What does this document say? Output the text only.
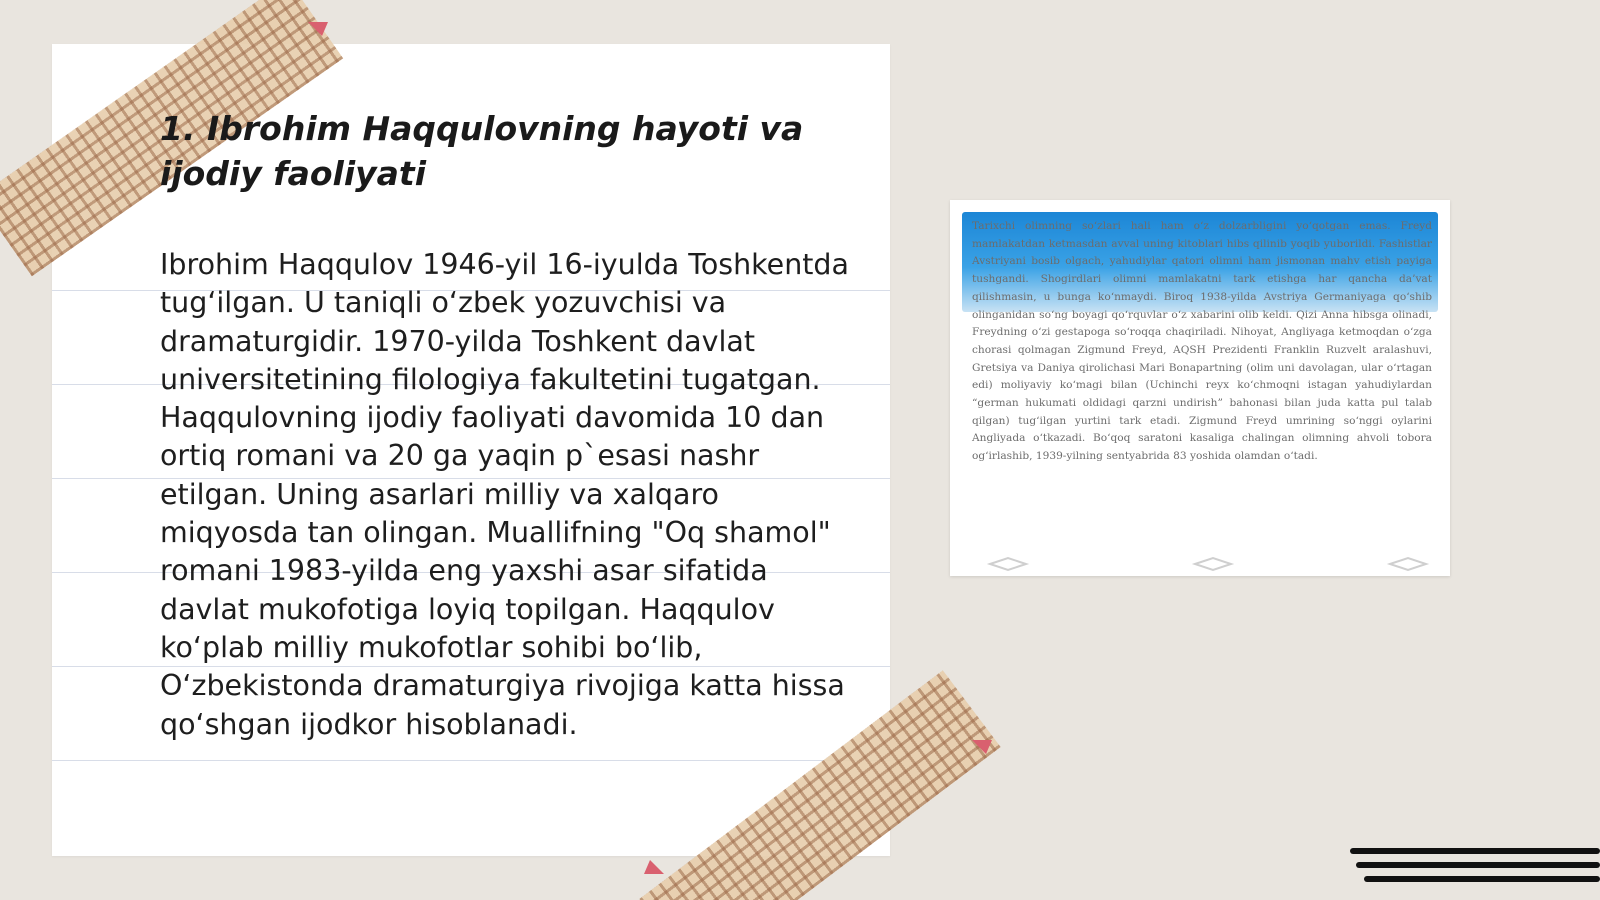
1. Ibrohim Haqqulovning hayoti va ijodiy faoliyati

Ibrohim Haqqulov 1946-yil 16-iyulda Toshkentda tug‘ilgan. U taniqli o‘zbek yozuvchisi va dramaturgidir. 1970-yilda Toshkent davlat universitetining filologiya fakultetini tugatgan. Haqqulovning ijodiy faoliyati davomida 10 dan ortiq romani va 20 ga yaqin p`esasi nashr etilgan. Uning asarlari milliy va xalqaro miqyosda tan olingan. Muallifning "Oq shamol" romani 1983-yilda eng yaxshi asar sifatida davlat mukofotiga loyiq topilgan. Haqqulov ko‘plab milliy mukofotlar sohibi bo‘lib, O‘zbekistonda dramaturgiya rivojiga katta hissa qo‘shgan ijodkor hisoblanadi.

Tarixchi olimning so‘zlari hali ham o‘z dolzarbligini yo‘qotgan emas. Freyd mamlakatdan ketmasdan avval uning kitoblari hibs qilinib yoqib yuborildi. Fashistlar Avstriyani bosib olgach, yahudiylar qatori olimni ham jismonan mahv etish payiga tushgandi. Shogirdlari olimni mamlakatni tark etishga har qancha da’vat qilishmasin, u bunga ko‘nmaydi. Biroq 1938-yilda Avstriya Germaniyaga qo‘shib olinganidan so‘ng boyagi qo‘rquvlar o‘z xabarini olib keldi. Qizi Anna hibsga olinadi, Freydning o‘zi gestapoga so‘roqqa chaqiriladi. Nihoyat, Angliyaga ketmoqdan o‘zga chorasi qolmagan Zigmund Freyd, AQSH Prezidenti Franklin Ruzvelt aralashuvi, Gretsiya va Daniya qirolichasi Mari Bonapartning (olim uni davolagan, ular o‘rtagan edi) moliyaviy ko‘magi bilan (Uchinchi reyx ko‘chmoqni istagan yahudiylardan “german hukumati oldidagi qarzni undirish” bahonasi bilan juda katta pul talab qilgan) tug‘ilgan yurtini tark etadi. Zigmund Freyd umrining so‘nggi oylarini Angliyada o‘tkazadi. Bo‘qoq saratoni kasaliga chalingan olimning ahvoli tobora og‘irlashib, 1939-yilning sentyabrida 83 yoshida olamdan o‘tadi.
